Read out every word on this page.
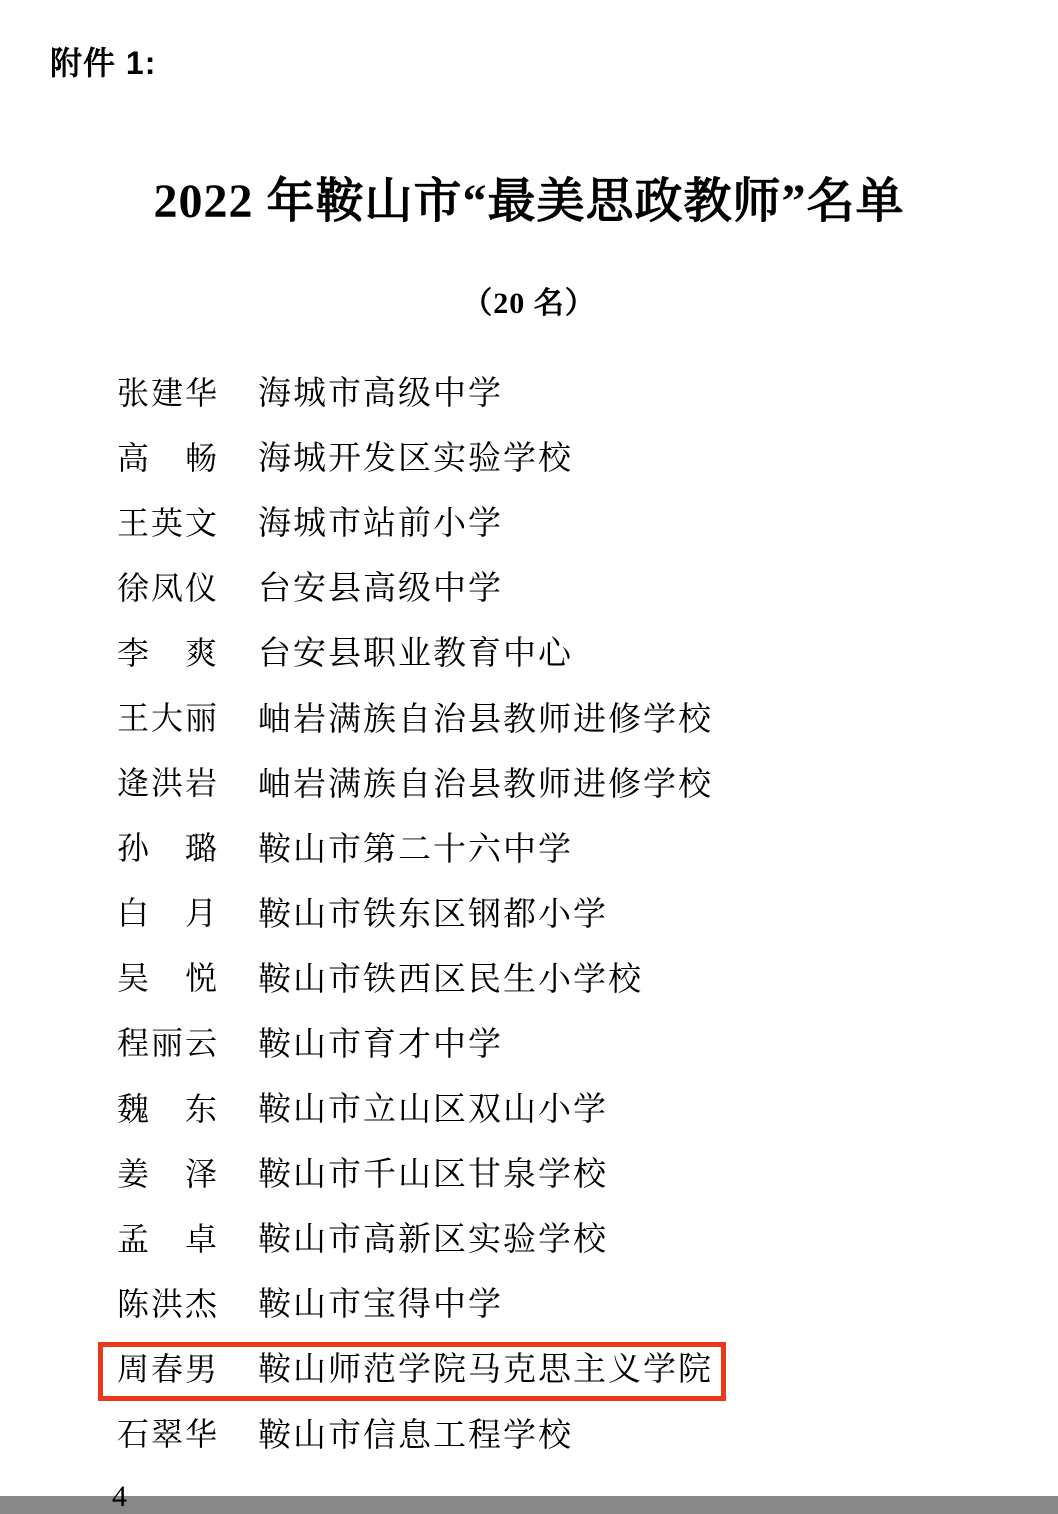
附件 1:
2022 年鞍山市“最美思政教师”名单
（20 名）
张建华 海城市高级中学
高畅 海城开发区实验学校
王英文 海城市站前小学
徐凤仪 台安县高级中学
李爽 台安县职业教育中心
王大丽 岫岩满族自治县教师进修学校
逄洪岩 岫岩满族自治县教师进修学校
孙璐 鞍山市第二十六中学
白月 鞍山市铁东区钢都小学
吴悦 鞍山市铁西区民生小学校
程丽云 鞍山市育才中学
魏东 鞍山市立山区双山小学
姜泽 鞍山市千山区甘泉学校
孟卓 鞍山市高新区实验学校
陈洪杰 鞍山市宝得中学
周春男 鞍山师范学院马克思主义学院
石翠华 鞍山市信息工程学校
4
